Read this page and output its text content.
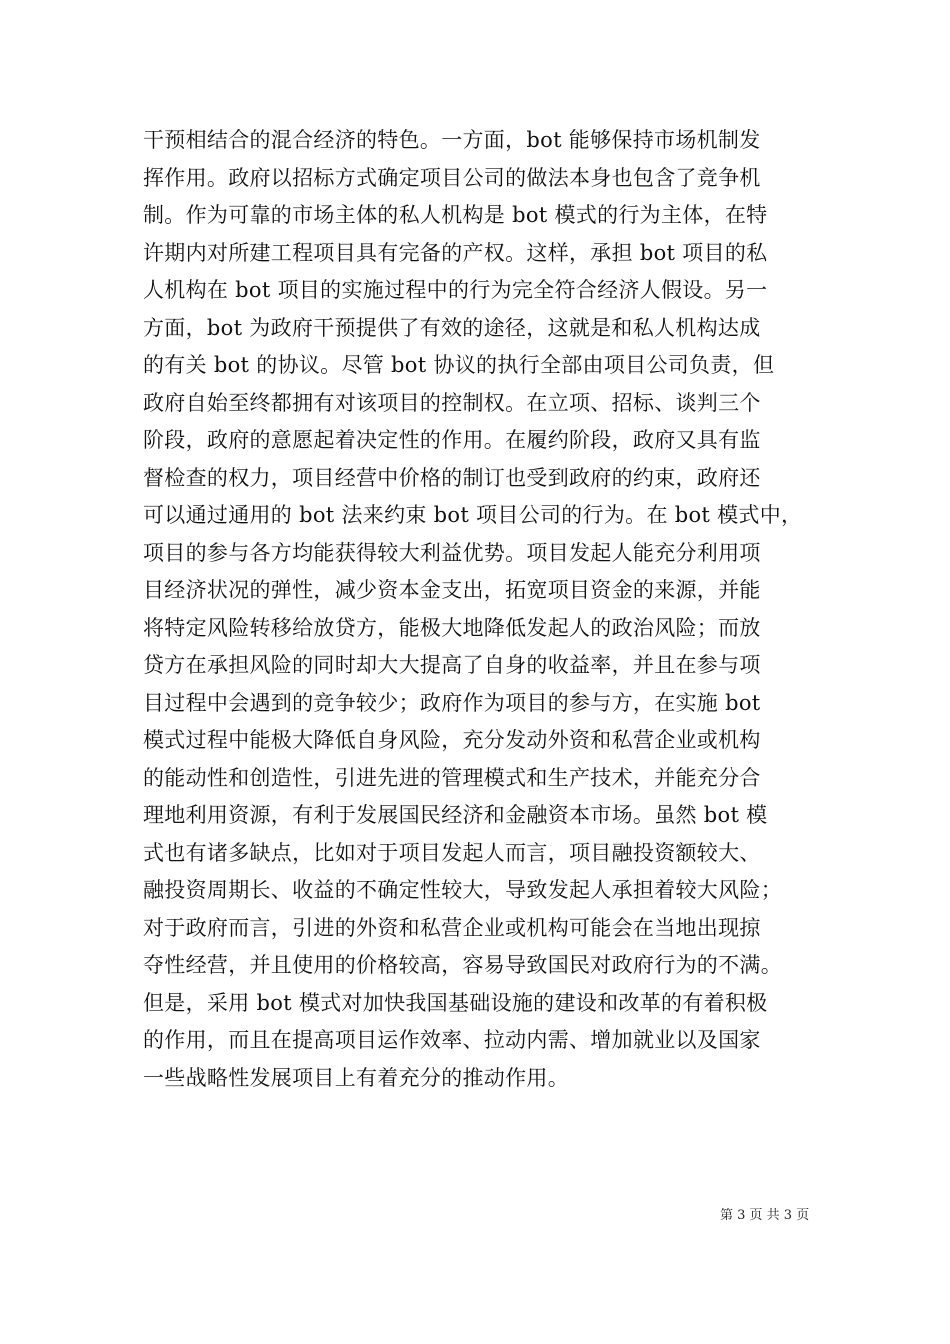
干预相结合的混合经济的特色。一方面，bot 能够保持市场机制发
挥作用。政府以招标方式确定项目公司的做法本身也包含了竞争机
制。作为可靠的市场主体的私人机构是 bot 模式的行为主体，在特
许期内对所建工程项目具有完备的产权。这样，承担 bot 项目的私
人机构在 bot 项目的实施过程中的行为完全符合经济人假设。另一
方面，bot 为政府干预提供了有效的途径，这就是和私人机构达成
的有关 bot 的协议。尽管 bot 协议的执行全部由项目公司负责，但
政府自始至终都拥有对该项目的控制权。在立项、招标、谈判三个
阶段，政府的意愿起着决定性的作用。在履约阶段，政府又具有监
督检查的权力，项目经营中价格的制订也受到政府的约束，政府还
可以通过通用的 bot 法来约束 bot 项目公司的行为。在 bot 模式中，
项目的参与各方均能获得较大利益优势。项目发起人能充分利用项
目经济状况的弹性，减少资本金支出，拓宽项目资金的来源，并能
将特定风险转移给放贷方，能极大地降低发起人的政治风险；而放
贷方在承担风险的同时却大大提高了自身的收益率，并且在参与项
目过程中会遇到的竞争较少；政府作为项目的参与方，在实施 bot
模式过程中能极大降低自身风险，充分发动外资和私营企业或机构
的能动性和创造性，引进先进的管理模式和生产技术，并能充分合
理地利用资源，有利于发展国民经济和金融资本市场。虽然 bot 模
式也有诸多缺点，比如对于项目发起人而言，项目融投资额较大、
融投资周期长、收益的不确定性较大，导致发起人承担着较大风险；
对于政府而言，引进的外资和私营企业或机构可能会在当地出现掠
夺性经营，并且使用的价格较高，容易导致国民对政府行为的不满。
但是，采用 bot 模式对加快我国基础设施的建设和改革的有着积极
的作用，而且在提高项目运作效率、拉动内需、增加就业以及国家
一些战略性发展项目上有着充分的推动作用。
第 3 页 共 3 页
